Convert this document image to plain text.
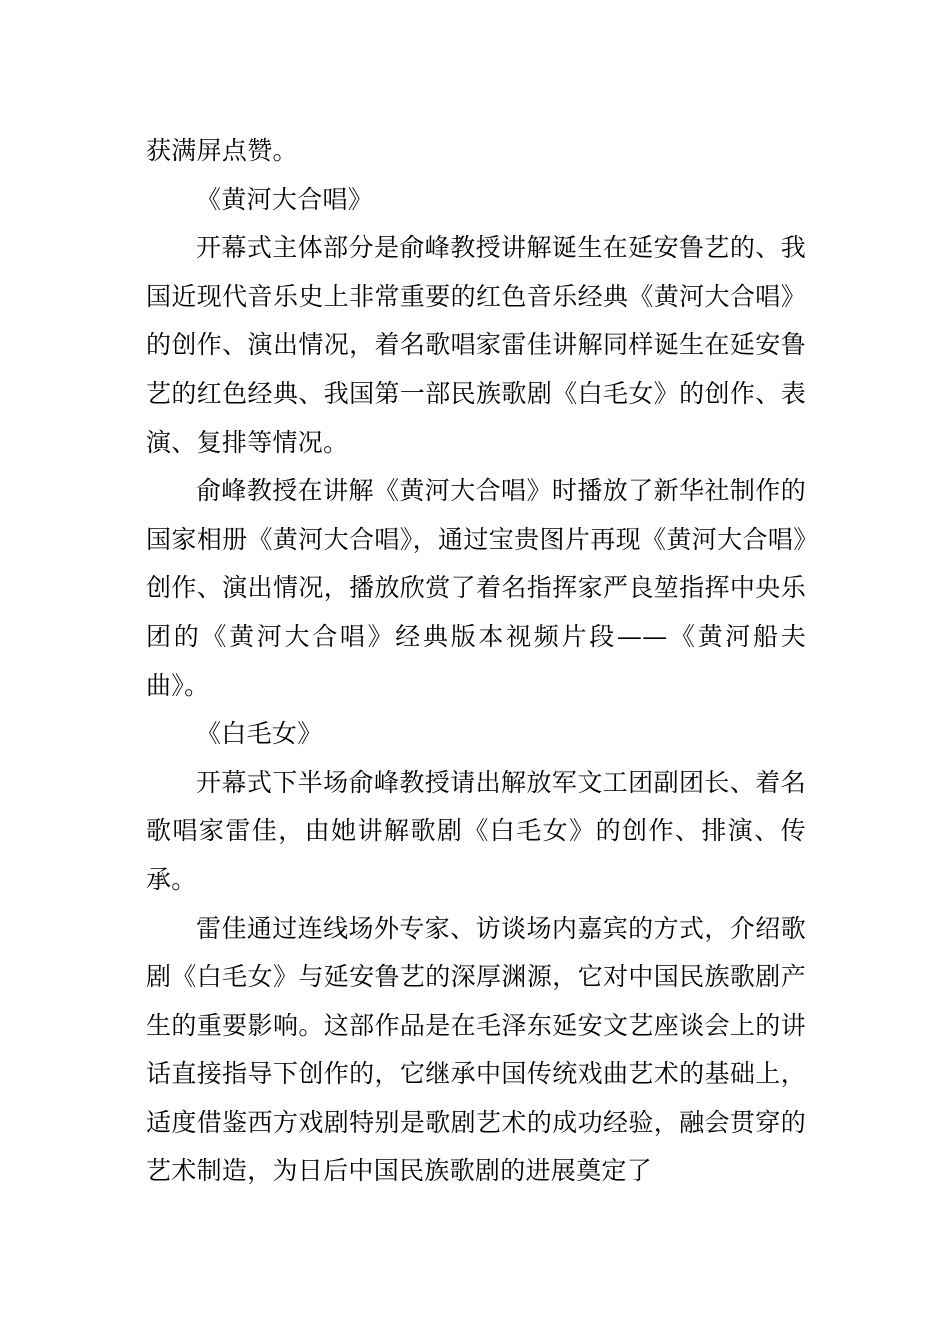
获满屏点赞。

《黄河大合唱》

开幕式主体部分是俞峰教授讲解诞生在延安鲁艺的、我国近现代音乐史上非常重要的红色音乐经典《黄河大合唱》的创作、演出情况，着名歌唱家雷佳讲解同样诞生在延安鲁艺的红色经典、我国第一部民族歌剧《白毛女》的创作、表演、复排等情况。

俞峰教授在讲解《黄河大合唱》时播放了新华社制作的国家相册《黄河大合唱》，通过宝贵图片再现《黄河大合唱》创作、演出情况，播放欣赏了着名指挥家严良堃指挥中央乐团的《黄河大合唱》经典版本视频片段——《黄河船夫曲》。

《白毛女》

开幕式下半场俞峰教授请出解放军文工团副团长、着名歌唱家雷佳，由她讲解歌剧《白毛女》的创作、排演、传承。

雷佳通过连线场外专家、访谈场内嘉宾的方式，介绍歌剧《白毛女》与延安鲁艺的深厚渊源，它对中国民族歌剧产生的重要影响。这部作品是在毛泽东延安文艺座谈会上的讲话直接指导下创作的，它继承中国传统戏曲艺术的基础上，适度借鉴西方戏剧特别是歌剧艺术的成功经验，融会贯穿的艺术制造，为日后中国民族歌剧的进展奠定了
